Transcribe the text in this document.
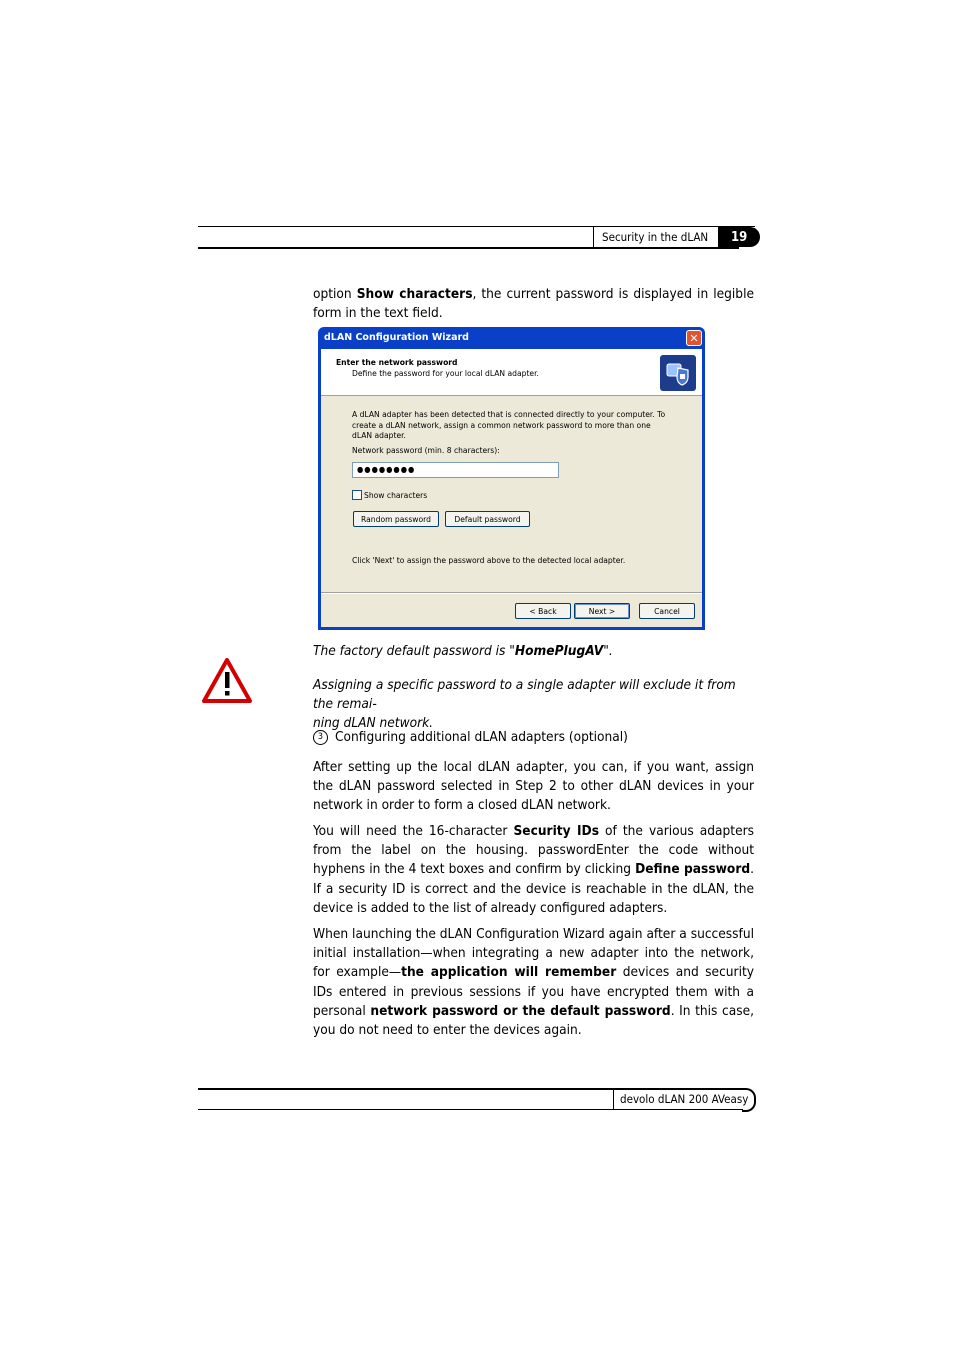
Security in the dLAN	19
option Show characters, the current password is displayed in legible form in the text field.
dLAN Configuration Wizard	✕
Enter the network password
Define the password for your local dLAN adapter.
A dLAN adapter has been detected that is connected directly to your computer. To create a dLAN network, assign a common network password to more than one dLAN adapter.
Network password (min. 8 characters):
●●●●●●●●
Show characters
Random password	Default password
Click 'Next' to assign the password above to the detected local adapter.
< Back	Next >	Cancel
The factory default password is "HomePlugAV".
Assigning a specific password to a single adapter will exclude it from the remai-
ning dLAN network.
3 Configuring additional dLAN adapters (optional)
After setting up the local dLAN adapter, you can, if you want, assign the dLAN password selected in Step 2 to other dLAN devices in your network in order to form a closed dLAN network.
You will need the 16-character Security IDs of the various adapters from the label on the housing. passwordEnter the code without hyphens in the 4 text boxes and confirm by clicking Define password. If a security ID is correct and the device is reachable in the dLAN, the device is added to the list of already configured adapters.
When launching the dLAN Configuration Wizard again after a successful initial installation—when integrating a new adapter into the network, for example—the application will remember devices and security IDs entered in previous sessions if you have encrypted them with a personal network password or the default password. In this case, you do not need to enter the devices again.
devolo dLAN 200 AVeasy
